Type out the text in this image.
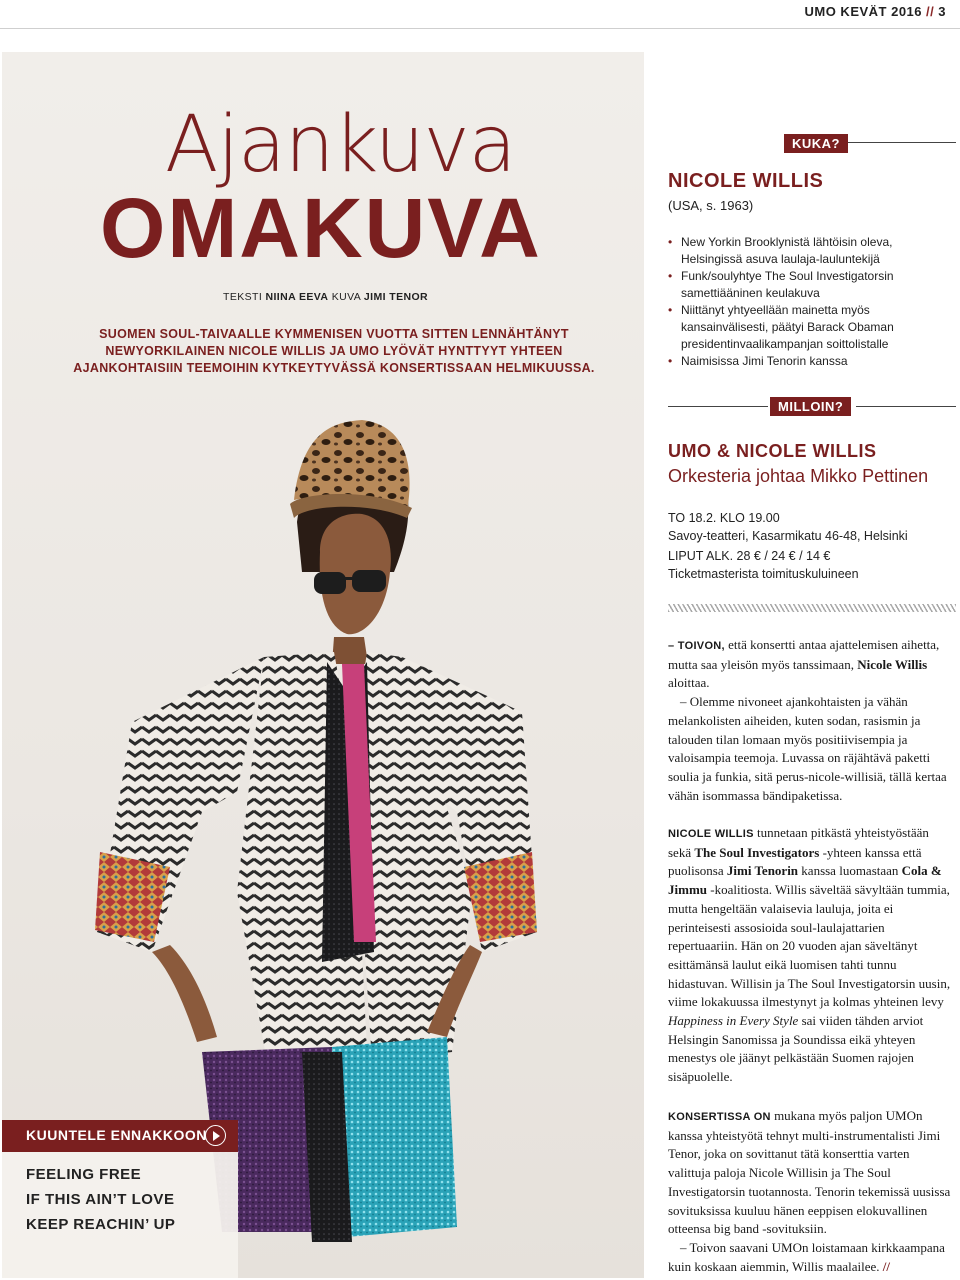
UMO KEVÄT 2016 // 3
Ajankuva
OMAKUVA
TEKSTI NIINA EEVA KUVA JIMI TENOR
SUOMEN SOUL-TAIVAALLE KYMMENISEN VUOTTA SITTEN LENNÄHTÄNYT NEWYORKILAINEN NICOLE WILLIS JA UMO LYÖVÄT HYNTTYYT YHTEEN AJANKOHTAISIIN TEEMOIHIN KYTKEYTYVÄSSÄ KONSERTISSAAN HELMIKUUSSA.
KUKA?
NICOLE WILLIS
(USA, s. 1963)
• New Yorkin Brooklynistä lähtöisin oleva, Helsingissä asuva laulaja-lauluntekijä
• Funk/soulyhtye The Soul Investigatorsin samettiääninen keulakuva
• Niittänyt yhtyeellään mainetta myös kansainvälisesti, päätyi Barack Obaman presidentinvaalikampanjan soittolistalle
• Naimisissa Jimi Tenorin kanssa
MILLOIN?
UMO & NICOLE WILLIS
Orkesteria johtaa Mikko Pettinen
TO 18.2. KLO 19.00
Savoy-teatteri, Kasarmikatu 46-48, Helsinki
LIPUT ALK. 28 € / 24 € / 14 €
Ticketmasterista toimituskuluineen

– TOIVON, että konsertti antaa ajattelemisen aihetta, mutta saa yleisön myös tanssimaan, Nicole Willis aloittaa.

– Olemme nivoneet ajankohtaisten ja vähän melankolisten aiheiden, kuten sodan, rasismin ja talouden tilan lomaan myös positiivisempia ja valoisampia teemoja. Luvassa on räjähtävä paketti soulia ja funkia, sitä perus-nicole-willisiä, tällä kertaa vähän isommassa bändipaketissa.

NICOLE WILLIS tunnetaan pitkästä yhteistyöstään sekä The Soul Investigators -yhteen kanssa että puolisonsa Jimi Tenorin kanssa luomastaan Cola & Jimmu -koalitiosta. Willis säveltää sävyltään tummia, mutta hengeltään valaisevia lauluja, joita ei perinteisesti assosioida soul-laulajattarien repertuaariin. Hän on 20 vuoden ajan säveltänyt esittämänsä laulut eikä luomisen tahti tunnu hidastuvan. Willisin ja The Soul Investigatorsin uusin, viime lokakuussa ilmestynyt ja kolmas yhteinen levy Happiness in Every Style sai viiden tähden arviot Helsingin Sanomissa ja Soundissa eikä yhteyen menestys ole jäänyt pelkästään Suomen rajojen sisäpuolelle.

KONSERTISSA ON mukana myös paljon UMOn kanssa yhteistyötä tehnyt multi-instrumentalisti Jimi Tenor, joka on sovittanut tätä konserttia varten valittuja paloja Nicole Willisin ja The Soul Investigatorsin tuotannosta. Tenorin tekemissä uusissa sovituksissa kuuluu hänen eeppisen elokuvallinen otteensa big band -sovituksiin.

– Toivon saavani UMOn loistamaan kirkkaampana kuin koskaan aiemmin, Willis maalailee. //

KUUNTELE ENNAKKOON
FEELING FREE
IF THIS AIN’T LOVE
KEEP REACHIN’ UP
